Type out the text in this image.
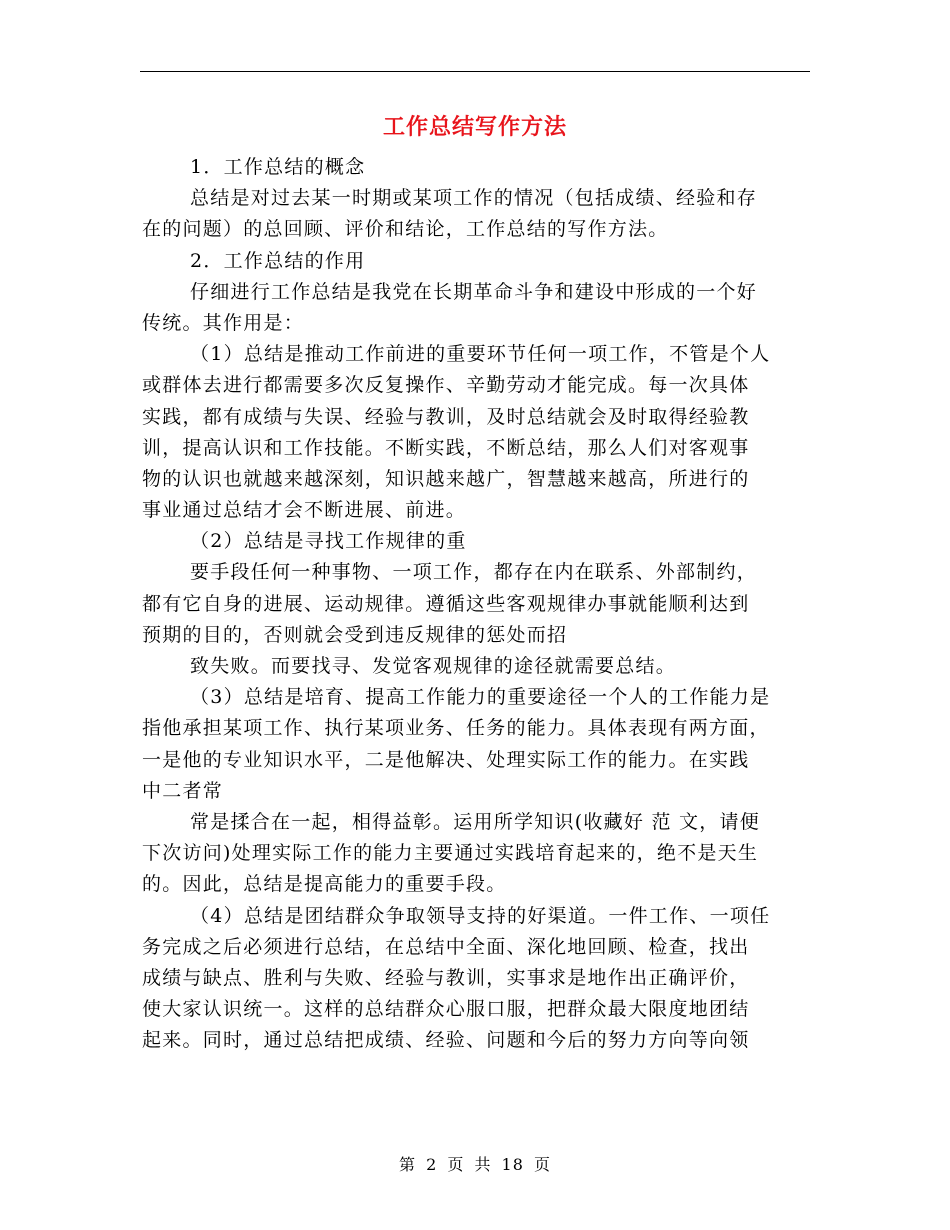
工作总结写作方法
1．工作总结的概念
总结是对过去某一时期或某项工作的情况（包括成绩、经验和存
在的问题）的总回顾、评价和结论，工作总结的写作方法。
2．工作总结的作用
仔细进行工作总结是我党在长期革命斗争和建设中形成的一个好
传统。其作用是：
（1）总结是推动工作前进的重要环节任何一项工作，不管是个人
或群体去进行都需要多次反复操作、辛勤劳动才能完成。每一次具体
实践，都有成绩与失误、经验与教训，及时总结就会及时取得经验教
训，提高认识和工作技能。不断实践，不断总结，那么人们对客观事
物的认识也就越来越深刻，知识越来越广，智慧越来越高，所进行的
事业通过总结才会不断进展、前进。
（2）总结是寻找工作规律的重
要手段任何一种事物、一项工作，都存在内在联系、外部制约，
都有它自身的进展、运动规律。遵循这些客观规律办事就能顺利达到
预期的目的，否则就会受到违反规律的惩处而招
致失败。而要找寻、发觉客观规律的途径就需要总结。
（3）总结是培育、提高工作能力的重要途径一个人的工作能力是
指他承担某项工作、执行某项业务、任务的能力。具体表现有两方面，
一是他的专业知识水平，二是他解决、处理实际工作的能力。在实践
中二者常
常是揉合在一起，相得益彰。运用所学知识(收藏好 范 文，请便
下次访问)处理实际工作的能力主要通过实践培育起来的，绝不是天生
的。因此，总结是提高能力的重要手段。
（4）总结是团结群众争取领导支持的好渠道。一件工作、一项任
务完成之后必须进行总结，在总结中全面、深化地回顾、检查，找出
成绩与缺点、胜利与失败、经验与教训，实事求是地作出正确评价，
使大家认识统一。这样的总结群众心服口服，把群众最大限度地团结
起来。同时，通过总结把成绩、经验、问题和今后的努力方向等向领
第 2 页 共 18 页
